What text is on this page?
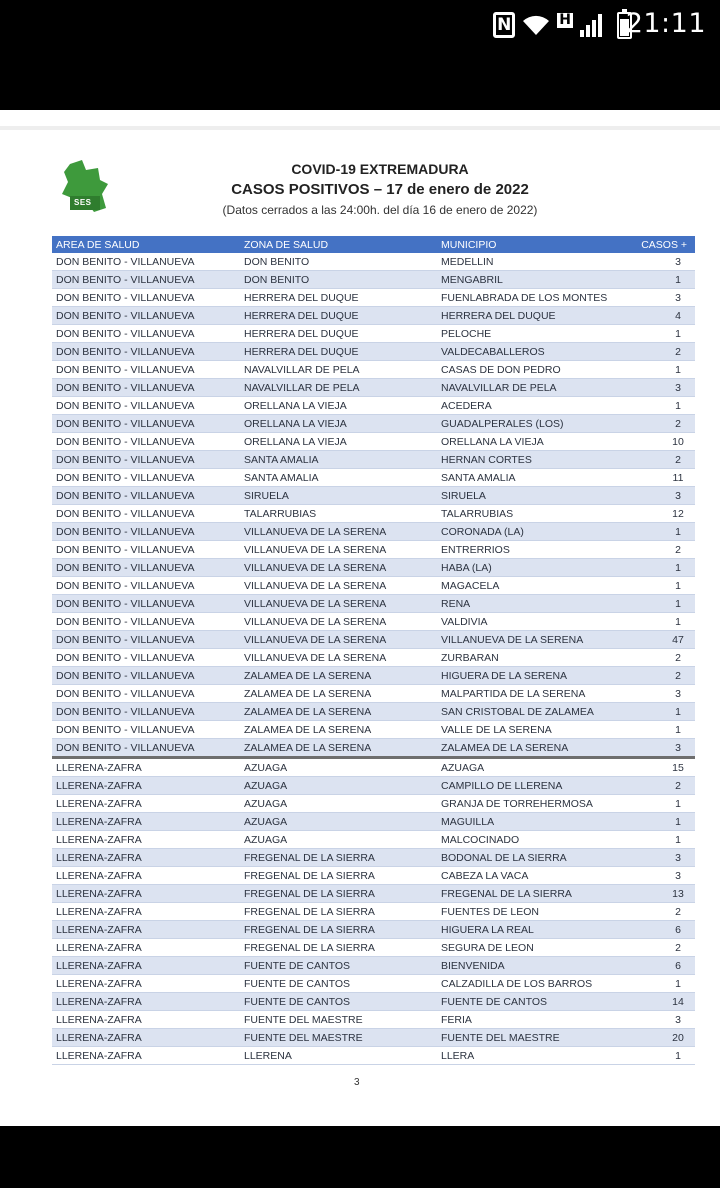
N	H 21:11
SES
COVID-19 EXTREMADURA
CASOS POSITIVOS – 17 de enero de 2022
(Datos cerrados a las 24:00h. del día 16 de enero de 2022)
AREA DE SALUD	ZONA DE SALUD	MUNICIPIO	CASOS +
DON BENITO - VILLANUEVA	DON BENITO	MEDELLIN	3
DON BENITO - VILLANUEVA	DON BENITO	MENGABRIL	1
DON BENITO - VILLANUEVA	HERRERA DEL DUQUE	FUENLABRADA DE LOS MONTES	3
DON BENITO - VILLANUEVA	HERRERA DEL DUQUE	HERRERA DEL DUQUE	4
DON BENITO - VILLANUEVA	HERRERA DEL DUQUE	PELOCHE	1
DON BENITO - VILLANUEVA	HERRERA DEL DUQUE	VALDECABALLEROS	2
DON BENITO - VILLANUEVA	NAVALVILLAR DE PELA	CASAS DE DON PEDRO	1
DON BENITO - VILLANUEVA	NAVALVILLAR DE PELA	NAVALVILLAR DE PELA	3
DON BENITO - VILLANUEVA	ORELLANA LA VIEJA	ACEDERA	1
DON BENITO - VILLANUEVA	ORELLANA LA VIEJA	GUADALPERALES (LOS)	2
DON BENITO - VILLANUEVA	ORELLANA LA VIEJA	ORELLANA LA VIEJA	10
DON BENITO - VILLANUEVA	SANTA AMALIA	HERNAN CORTES	2
DON BENITO - VILLANUEVA	SANTA AMALIA	SANTA AMALIA	11
DON BENITO - VILLANUEVA	SIRUELA	SIRUELA	3
DON BENITO - VILLANUEVA	TALARRUBIAS	TALARRUBIAS	12
DON BENITO - VILLANUEVA	VILLANUEVA DE LA SERENA	CORONADA (LA)	1
DON BENITO - VILLANUEVA	VILLANUEVA DE LA SERENA	ENTRERRIOS	2
DON BENITO - VILLANUEVA	VILLANUEVA DE LA SERENA	HABA (LA)	1
DON BENITO - VILLANUEVA	VILLANUEVA DE LA SERENA	MAGACELA	1
DON BENITO - VILLANUEVA	VILLANUEVA DE LA SERENA	RENA	1
DON BENITO - VILLANUEVA	VILLANUEVA DE LA SERENA	VALDIVIA	1
DON BENITO - VILLANUEVA	VILLANUEVA DE LA SERENA	VILLANUEVA DE LA SERENA	47
DON BENITO - VILLANUEVA	VILLANUEVA DE LA SERENA	ZURBARAN	2
DON BENITO - VILLANUEVA	ZALAMEA DE LA SERENA	HIGUERA DE LA SERENA	2
DON BENITO - VILLANUEVA	ZALAMEA DE LA SERENA	MALPARTIDA DE LA SERENA	3
DON BENITO - VILLANUEVA	ZALAMEA DE LA SERENA	SAN CRISTOBAL DE ZALAMEA	1
DON BENITO - VILLANUEVA	ZALAMEA DE LA SERENA	VALLE DE LA SERENA	1
DON BENITO - VILLANUEVA	ZALAMEA DE LA SERENA	ZALAMEA DE LA SERENA	3
LLERENA-ZAFRA	AZUAGA	AZUAGA	15
LLERENA-ZAFRA	AZUAGA	CAMPILLO DE LLERENA	2
LLERENA-ZAFRA	AZUAGA	GRANJA DE TORREHERMOSA	1
LLERENA-ZAFRA	AZUAGA	MAGUILLA	1
LLERENA-ZAFRA	AZUAGA	MALCOCINADO	1
LLERENA-ZAFRA	FREGENAL DE LA SIERRA	BODONAL DE LA SIERRA	3
LLERENA-ZAFRA	FREGENAL DE LA SIERRA	CABEZA LA VACA	3
LLERENA-ZAFRA	FREGENAL DE LA SIERRA	FREGENAL DE LA SIERRA	13
LLERENA-ZAFRA	FREGENAL DE LA SIERRA	FUENTES DE LEON	2
LLERENA-ZAFRA	FREGENAL DE LA SIERRA	HIGUERA LA REAL	6
LLERENA-ZAFRA	FREGENAL DE LA SIERRA	SEGURA DE LEON	2
LLERENA-ZAFRA	FUENTE DE CANTOS	BIENVENIDA	6
LLERENA-ZAFRA	FUENTE DE CANTOS	CALZADILLA DE LOS BARROS	1
LLERENA-ZAFRA	FUENTE DE CANTOS	FUENTE DE CANTOS	14
LLERENA-ZAFRA	FUENTE DEL MAESTRE	FERIA	3
LLERENA-ZAFRA	FUENTE DEL MAESTRE	FUENTE DEL MAESTRE	20
LLERENA-ZAFRA	LLERENA	LLERA	1
3
